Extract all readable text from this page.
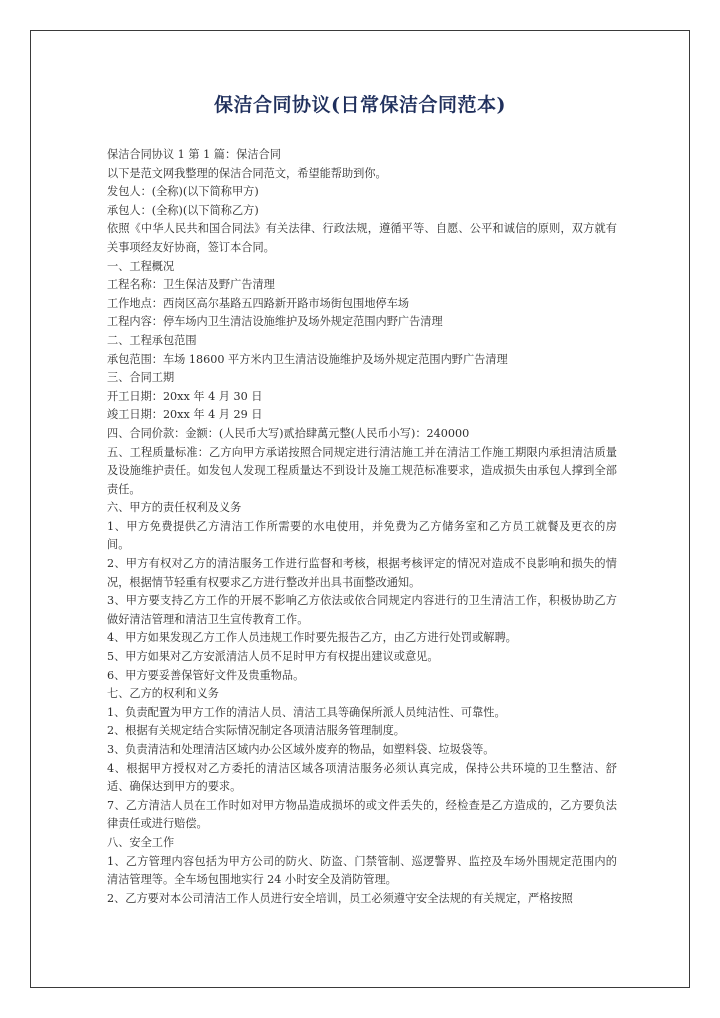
保洁合同协议(日常保洁合同范本)

保洁合同协议 1 第 1 篇：保洁合同

以下是范文网我整理的保洁合同范文，希望能帮助到你。

发包人：(全称)(以下简称甲方)

承包人：(全称)(以下简称乙方)

依照《中华人民共和国合同法》有关法律、行政法规，遵循平等、自愿、公平和诚信的原则，双方就有关事项经友好协商，签订本合同。

一、工程概况

工程名称：卫生保洁及野广告清理

工作地点：西岗区高尔基路五四路新开路市场街包围地停车场

工程内容：停车场内卫生清洁设施维护及场外规定范围内野广告清理

二、工程承包范围

承包范围：车场 18600 平方米内卫生清洁设施维护及场外规定范围内野广告清理

三、合同工期

开工日期：20xx 年 4 月 30 日

竣工日期：20xx 年 4 月 29 日

四、合同价款：金额：(人民币大写)贰拾肆萬元整(人民币小写)：240000

五、工程质量标准：乙方向甲方承诺按照合同规定进行清洁施工并在清洁工作施工期限内承担清洁质量及设施维护责任。如发包人发现工程质量达不到设计及施工规范标准要求，造成损失由承包人撑到全部责任。

六、甲方的责任权利及义务

1、甲方免费提供乙方清洁工作所需要的水电使用，并免费为乙方储务室和乙方员工就餐及更衣的房间。

2、甲方有权对乙方的清洁服务工作进行监督和考核，根据考核评定的情况对造成不良影响和损失的情况，根据情节轻重有权要求乙方进行整改并出具书面整改通知。

3、甲方要支持乙方工作的开展不影响乙方依法或依合同规定内容进行的卫生清洁工作，积极协助乙方做好清洁管理和清洁卫生宣传教育工作。

4、甲方如果发现乙方工作人员违规工作时要先报告乙方，由乙方进行处罚或解聘。

5、甲方如果对乙方安派清洁人员不足时甲方有权提出建议或意见。

6、甲方要妥善保管好文件及贵重物品。

七、乙方的权利和义务

1、负责配置为甲方工作的清洁人员、清洁工具等确保所派人员纯洁性、可靠性。

2、根据有关规定结合实际情况制定各项清洁服务管理制度。

3、负责清洁和处理清洁区域内办公区域外废弃的物品，如塑料袋、垃圾袋等。

4、根据甲方授权对乙方委托的清洁区域各项清洁服务必须认真完成，保持公共环境的卫生整洁、舒适、确保达到甲方的要求。

7、乙方清洁人员在工作时如对甲方物品造成损坏的或文件丢失的，经检查是乙方造成的，乙方要负法律责任或进行赔偿。

八、安全工作

1、乙方管理内容包括为甲方公司的防火、防盗、门禁管制、巡逻警界、监控及车场外围规定范围内的清洁管理等。全车场包围地实行 24 小时安全及消防管理。

2、乙方要对本公司清洁工作人员进行安全培训，员工必须遵守安全法规的有关规定，严格按照
